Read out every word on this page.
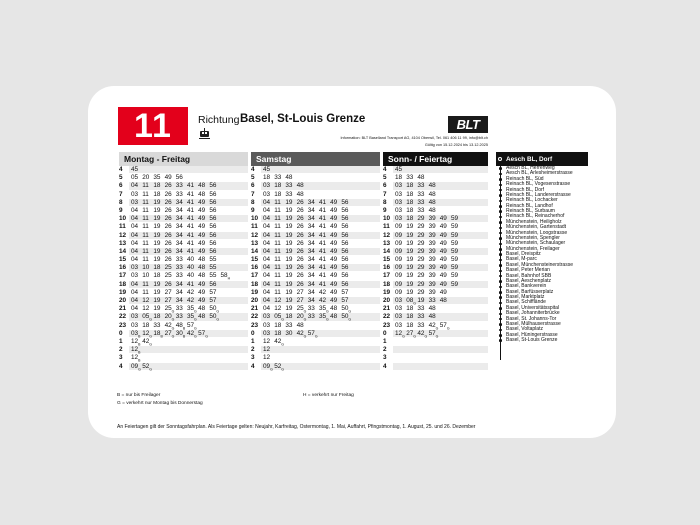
11	Richtung Basel, St-Louis Grenze	BLT
Information: BLT Baselland Transport AG, 4104 Oberwil, Tel. 061 406 11 99, info@blt.ch
Gültig von 15.12.2024 bis 13.12.2025
Montag - Freitag
4	45
5	05 20 35 49 56
6	04 11 18 26 33 41 48 56
7	03 11 18 26 33 41 48 56
8	03 11 19 26 34 41 49 56
9	04 11 19 26 34 41 49 56
10 04 11 19 26 34 41 49 56
11 04 11 19 26 34 41 49 56
12 04 11 19 26 34 41 49 56
13 04 11 19 26 34 41 49 56
14 04 11 19 26 34 41 49 56
15 04 11 19 26 33 40 48 55
16 03 10 18 25 33 40 48 55
17 03 10 18 25 33 40 48 55 $58_H$
18 04 11 19 26 34 41 49 56
19 04 11 19 27 34 42 49 57
20 04 12 19 27 34 42 49 57
21 04 12 19 $25_G33$ $35_G48$ $50_G$
22 03 $05_G18$ $20_G33$ $35_G48$ $50_G$
23 03 18 33 $42_G48_B$ $57_G$
0	$03_B$ $12_G18_B$ $27_G30_B$ $42_G57_G$
1	$12_B$ $42_G$
2	$12_B$
3	$12_B$
4	$09_G52_G$
Samstag
4	45
5	18 33 48
6	03 18 33 48
7	03 18 33 48
8	04 11 19 26 34 41 49 56
9	04 11 19 26 34 41 49 56
10 04 11 19 26 34 41 49 56
11 04 11 19 26 34 41 49 56
12 04 11 19 26 34 41 49 56
13 04 11 19 26 34 41 49 56
14 04 11 19 26 34 41 49 56
15 04 11 19 26 34 41 49 56
16 04 11 19 26 34 41 49 56
17 04 11 19 26 34 41 49 56
18 04 11 19 26 34 41 49 56
19 04 11 19 27 34 42 49 57
20 04 12 19 27 34 42 49 57
21 04 12 19 $25_G33$ $35_G48$ $50_G$
22 03 $05_G18$ $20_G33$ $35_G48$ $50_G$
23 03 18 33 48
0	03 18 30 $42_G57_G$
1	12 $42_G$
2	12
3	12
4	$09_G52_G$
Sonn- / Feiertag
4	45
5	18 33 48
6	03 18 33 48
7	03 18 33 48
8	03 18 33 48
9	03 18 33 48
10 03 18 29 39 49 59
11 09 19 29 39 49 59
12 09 19 29 39 49 59
13 09 19 29 39 49 59
14 09 19 29 39 49 59
15 09 19 29 39 49 59
16 09 19 29 39 49 59
17 09 19 29 39 49 59
18 09 19 29 39 49 59
19 09 19 29 39 49
20 03 $08_G19$ 33 48
21 03 18 33 48
22 03 18 33 48
23 03 18 33 $42_G57_G$
0	$12_G27_G42_G57_G$
1
2
3
4
Aesch BL, Dorf
Aesch BL, Herrenweg
Aesch BL, Arlesheimerstrasse
Reinach BL, Süd
Reinach BL, Vogesenstrasse
Reinach BL, Dorf
Reinach BL, Landererstrasse
Reinach BL, Lochacker
Reinach BL, Landhof
Reinach BL, Surbaum
Reinach BL, Reinacherhof
Münchenstein, Heiligholz
Münchenstein, Gartenstadt
Münchenstein, Loogstrasse
Münchenstein, Spengler
Münchenstein, Schaulager
Münchenstein, Freilager
Basel, Dreispitz
Basel, M-parc
Basel, Münchensteinerstrasse
Basel, Peter Merian
Basel, Bahnhof SBB
Basel, Aeschenplatz
Basel, Bankverein
Basel, Barfüsserplatz
Basel, Marktplatz
Basel, Schifflände
Basel, Universitätsspital
Basel, Johanniterbrücke
Basel, St. Johanns-Tor
Basel, Mülhauserstrasse
Basel, Voltaplatz
Basel, Hüningerstrasse
Basel, St-Louis Grenze
B = nur bis Freilager
G = verkehrt nur Montag bis Donnerstag
H = verkehrt nur Freitag
An Feiertagen gilt der Sonntagsfahrplan. Als Feiertage gelten: Neujahr, Karfreitag, Ostermontag, 1. Mai, Auffahrt, Pfingstmontag, 1. August, 25. und 26. Dezember
